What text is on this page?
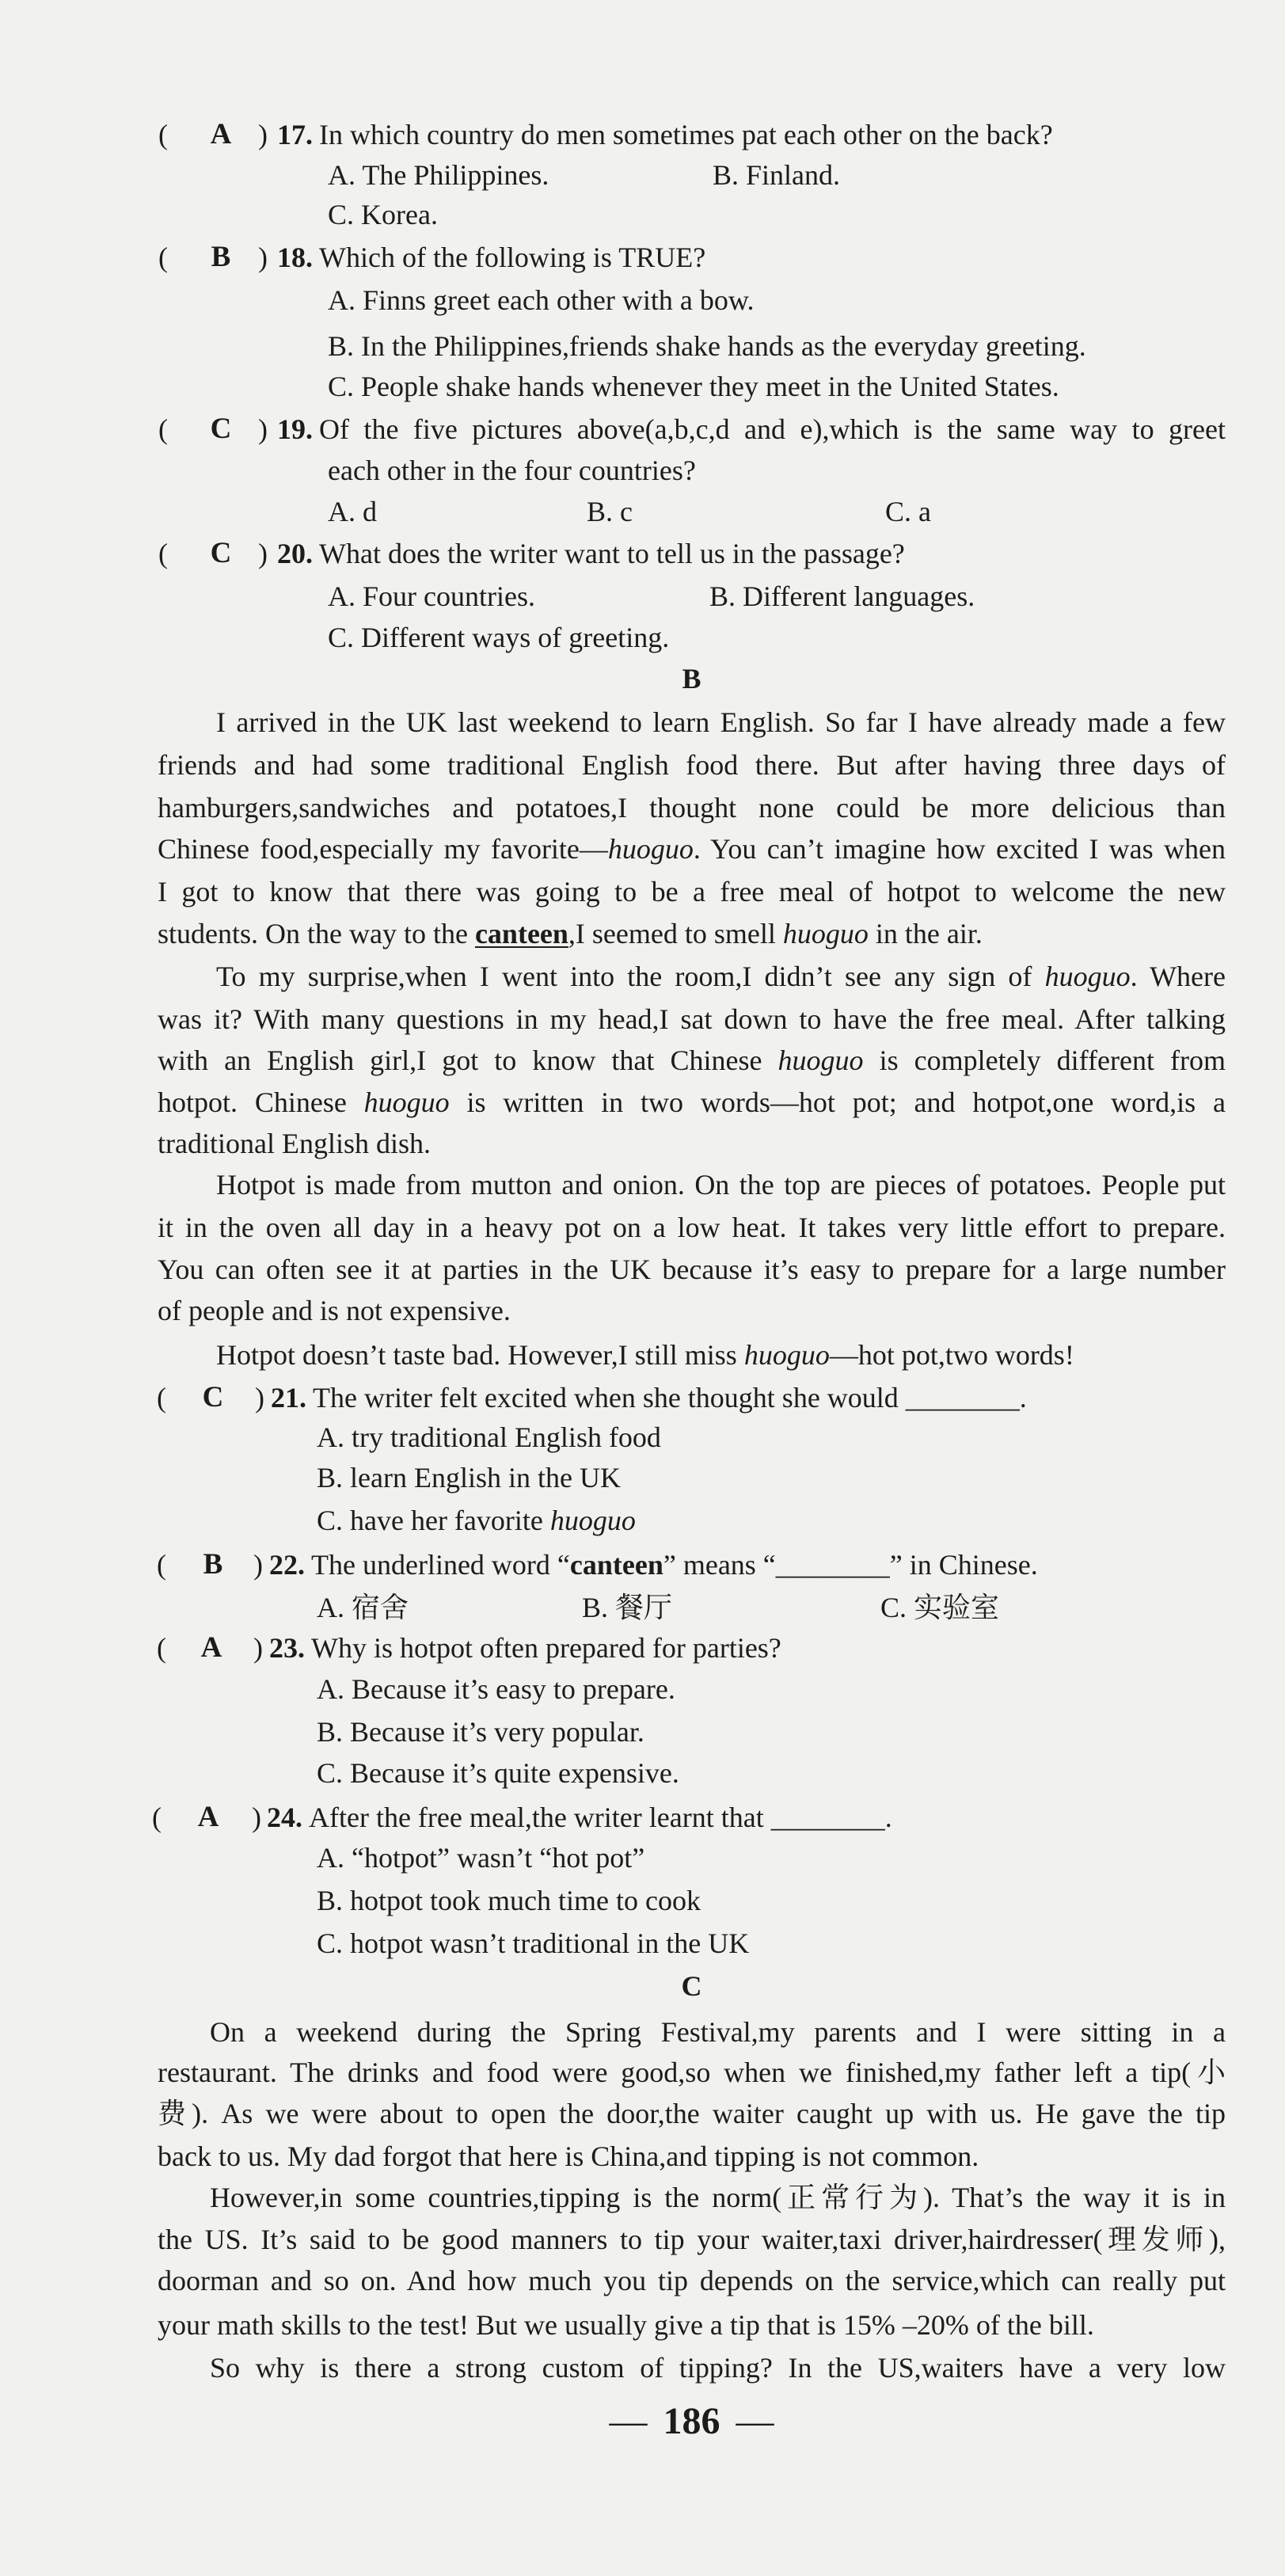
( A ) 17. In which country do men sometimes pat each other on the back?
A. The Philippines.	B. Finland.
C. Korea.
( B ) 18. Which of the following is TRUE?
A. Finns greet each other with a bow.
B. In the Philippines,friends shake hands as the everyday greeting.
C. People shake hands whenever they meet in the United States.
( C ) 19. Of the five pictures above(a,b,c,d and e),which is the same way to greet
each other in the four countries?
A. d	B. c	C. a
( C ) 20. What does the writer want to tell us in the passage?
A. Four countries.	B. Different languages.
C. Different ways of greeting.
B
I arrived in the UK last weekend to learn English. So far I have already made a few
friends and had some traditional English food there. But after having three days of
hamburgers,sandwiches and potatoes,I thought none could be more delicious than
Chinese food,especially my favorite—huoguo. You can’t imagine how excited I was when
I got to know that there was going to be a free meal of hotpot to welcome the new
students. On the way to the canteen,I seemed to smell huoguo in the air.
To my surprise,when I went into the room,I didn’t see any sign of huoguo. Where
was it? With many questions in my head,I sat down to have the free meal. After talking
with an English girl,I got to know that Chinese huoguo is completely different from
hotpot. Chinese huoguo is written in two words—hot pot; and hotpot,one word,is a
traditional English dish.
Hotpot is made from mutton and onion. On the top are pieces of potatoes. People put
it in the oven all day in a heavy pot on a low heat. It takes very little effort to prepare.
You can often see it at parties in the UK because it’s easy to prepare for a large number
of people and is not expensive.
Hotpot doesn’t taste bad. However,I still miss huoguo—hot pot,two words!
( C ) 21. The writer felt excited when she thought she would ________.
A. try traditional English food
B. learn English in the UK
C. have her favorite huoguo
( B ) 22. The underlined word “canteen” means “________” in Chinese.
A. 宿舍	B. 餐厅	C. 实验室
( A ) 23. Why is hotpot often prepared for parties?
A. Because it’s easy to prepare.
B. Because it’s very popular.
C. Because it’s quite expensive.
( A ) 24. After the free meal,the writer learnt that ________.
A. “hotpot” wasn’t “hot pot”
B. hotpot took much time to cook
C. hotpot wasn’t traditional in the UK
C
On a weekend during the Spring Festival,my parents and I were sitting in a
restaurant. The drinks and food were good,so when we finished,my father left a tip(小
费). As we were about to open the door,the waiter caught up with us. He gave the tip
back to us. My dad forgot that here is China,and tipping is not common.
However,in some countries,tipping is the norm(正常行为). That’s the way it is in
the US. It’s said to be good manners to tip your waiter,taxi driver,hairdresser(理发师),
doorman and so on. And how much you tip depends on the service,which can really put
your math skills to the test! But we usually give a tip that is 15% –20% of the bill.
So why is there a strong custom of tipping? In the US,waiters have a very low
— 186 —
